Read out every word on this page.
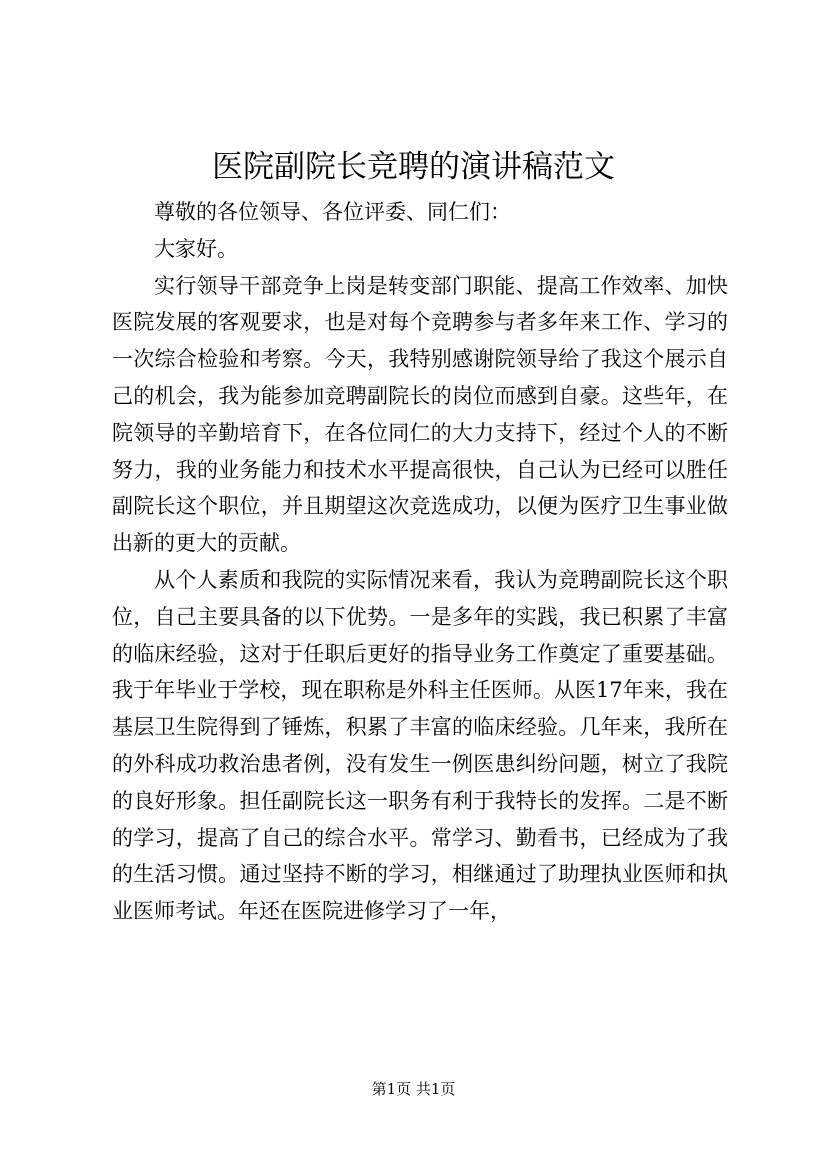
医院副院长竞聘的演讲稿范文

尊敬的各位领导、各位评委、同仁们：

大家好。

实行领导干部竞争上岗是转变部门职能、提高工作效率、加快医院发展的客观要求，也是对每个竞聘参与者多年来工作、学习的一次综合检验和考察。今天，我特别感谢院领导给了我这个展示自己的机会，我为能参加竞聘副院长的岗位而感到自豪。这些年，在院领导的辛勤培育下，在各位同仁的大力支持下，经过个人的不断努力，我的业务能力和技术水平提高很快，自己认为已经可以胜任副院长这个职位，并且期望这次竞选成功，以便为医疗卫生事业做出新的更大的贡献。

从个人素质和我院的实际情况来看，我认为竞聘副院长这个职位，自己主要具备的以下优势。一是多年的实践，我已积累了丰富的临床经验，这对于任职后更好的指导业务工作奠定了重要基础。我于年毕业于学校，现在职称是外科主任医师。从医17年来，我在基层卫生院得到了锤炼，积累了丰富的临床经验。几年来，我所在的外科成功救治患者例，没有发生一例医患纠纷问题，树立了我院的良好形象。担任副院长这一职务有利于我特长的发挥。二是不断的学习，提高了自己的综合水平。常学习、勤看书，已经成为了我的生活习惯。通过坚持不断的学习，相继通过了助理执业医师和执业医师考试。年还在医院进修学习了一年，

第1页 共1页
